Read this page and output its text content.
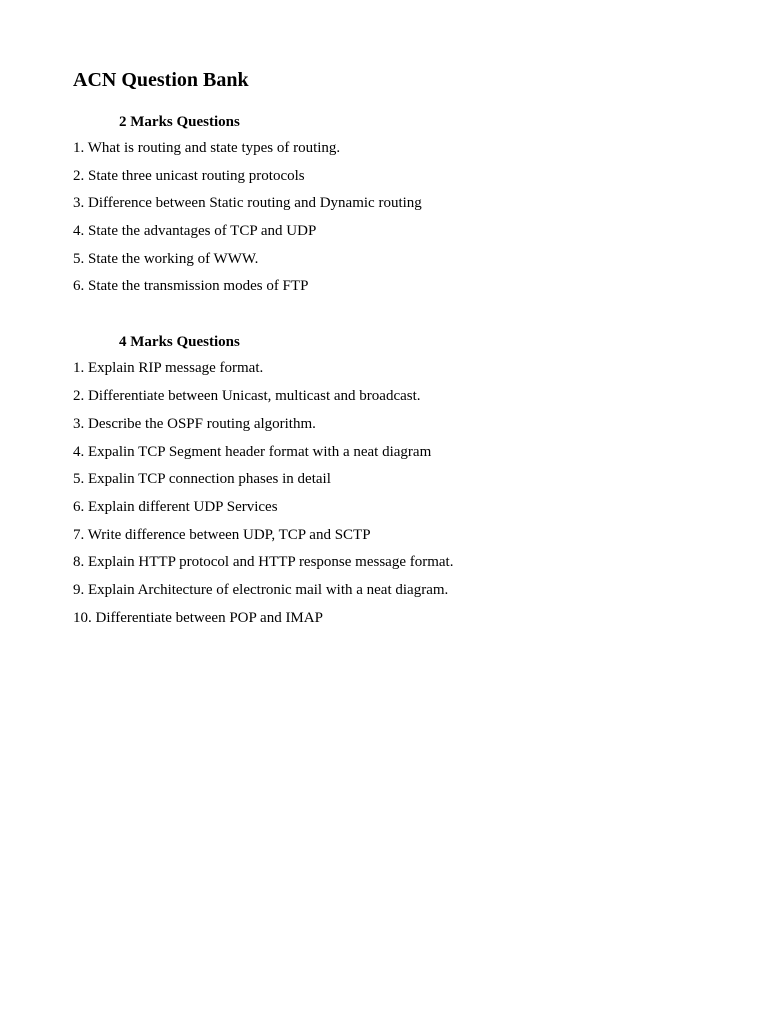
ACN Question Bank
2 Marks Questions
1. What is routing and state types of routing.
2. State three unicast routing protocols
3. Difference between Static routing and Dynamic routing
4. State the advantages of TCP and UDP
5. State the working of WWW.
6. State the transmission modes of FTP
4 Marks Questions
1. Explain RIP message format.
2. Differentiate between Unicast, multicast and broadcast.
3. Describe the OSPF routing algorithm.
4. Expalin TCP Segment header format with a neat diagram
5. Expalin TCP connection phases in detail
6. Explain different UDP Services
7. Write difference between UDP, TCP and SCTP
8. Explain HTTP protocol and HTTP response message format.
9. Explain Architecture of electronic mail with a neat diagram.
10. Differentiate between POP and IMAP
